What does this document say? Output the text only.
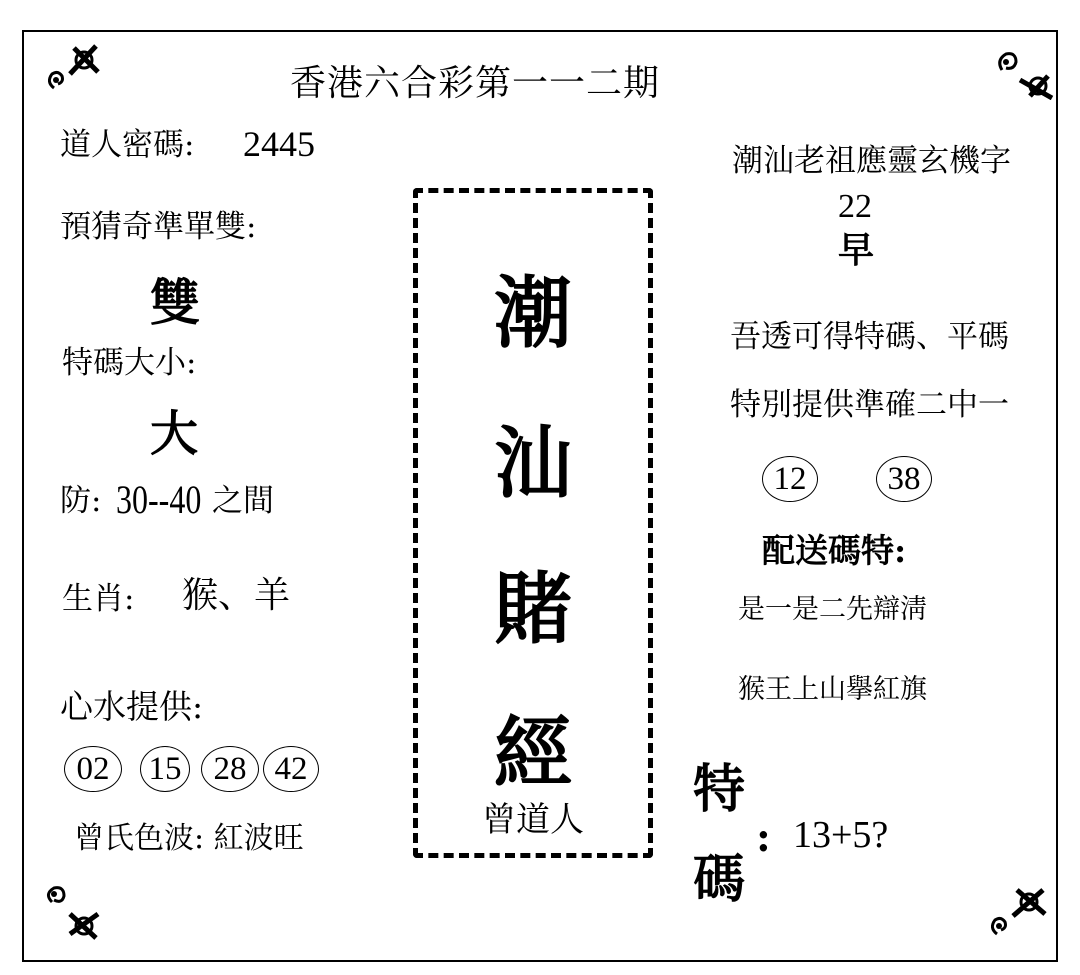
香港六合彩第一一二期
道人密碼: 2445
預猜奇準單雙:
雙
特碼大小:
大
防: 30--40 之間
生肖: 猴、羊
心水提供:
02	15 28 42
曾氏色波: 紅波旺
潮
汕
賭
經
曾道人
潮汕老祖應靈玄機字
22
早
吾透可得特碼、平碼
特別提供準確二中一
12	38
配送碼特:
是一是二先辯淸
猴王上山擧紅旗
特
碼
: 13+5?
